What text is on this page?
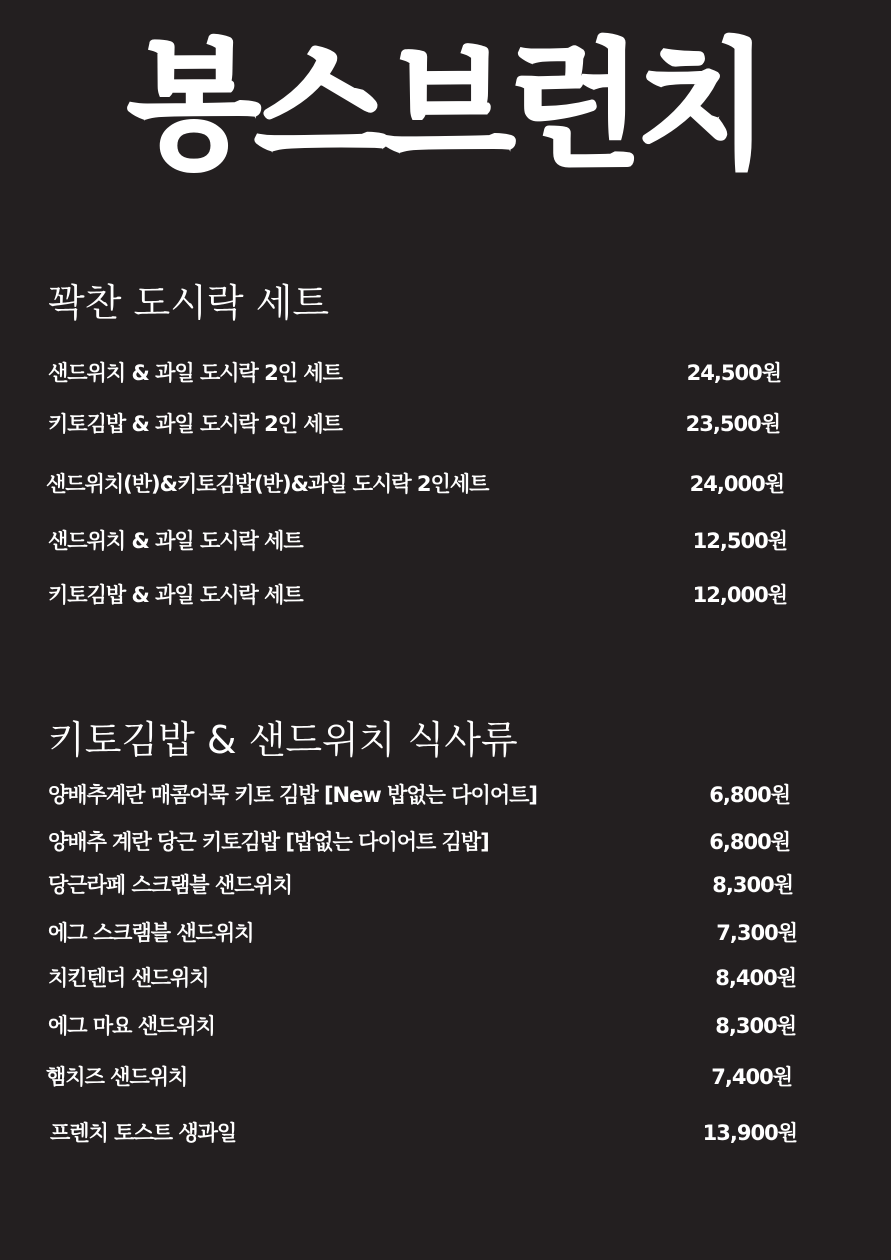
봉스브런치
꽉찬 도시락 세트
샌드위치 & 과일 도시락 2인 세트	24,500원
키토김밥 & 과일 도시락 2인 세트	23,500원
샌드위치(반)&키토김밥(반)&과일 도시락 2인세트	24,000원
샌드위치 & 과일 도시락 세트	12,500원
키토김밥 & 과일 도시락 세트	12,000원
키토김밥 & 샌드위치 식사류
양배추계란 매콤어묵 키토 김밥 [New 밥없는 다이어트]	6,800원
양배추 계란 당근 키토김밥 [밥없는 다이어트 김밥]	6,800원
당근라페 스크램블 샌드위치	8,300원
에그 스크램블 샌드위치	7,300원
치킨텐더 샌드위치	8,400원
에그 마요 샌드위치	8,300원
햄치즈 샌드위치	7,400원
프렌치 토스트 생과일	13,900원
